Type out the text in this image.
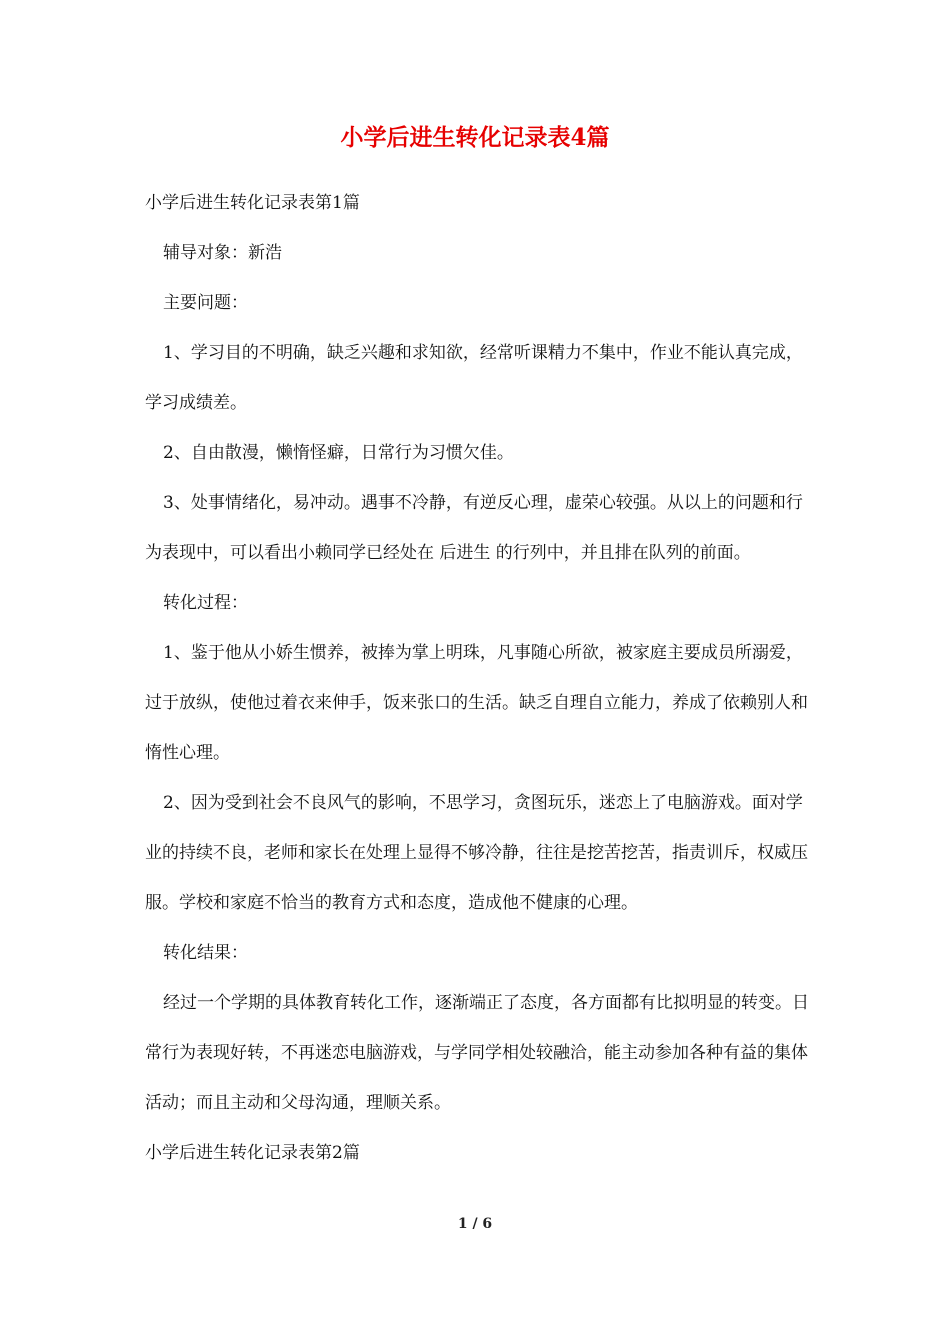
小学后进生转化记录表4篇

小学后进生转化记录表第1篇

辅导对象：新浩

主要问题：

1、学习目的不明确，缺乏兴趣和求知欲，经常听课精力不集中，作业不能认真完成，学习成绩差。

2、自由散漫，懒惰怪癖，日常行为习惯欠佳。

3、处事情绪化，易冲动。遇事不冷静，有逆反心理，虚荣心较强。从以上的问题和行为表现中，可以看出小赖同学已经处在 后进生 的行列中，并且排在队列的前面。

转化过程：

1、鉴于他从小娇生惯养，被捧为掌上明珠，凡事随心所欲，被家庭主要成员所溺爱，过于放纵，使他过着衣来伸手，饭来张口的生活。缺乏自理自立能力，养成了依赖别人和惰性心理。

2、因为受到社会不良风气的影响，不思学习，贪图玩乐，迷恋上了电脑游戏。面对学业的持续不良，老师和家长在处理上显得不够冷静，往往是挖苦挖苦，指责训斥，权威压服。学校和家庭不恰当的教育方式和态度，造成他不健康的心理。

转化结果：

经过一个学期的具体教育转化工作，逐渐端正了态度，各方面都有比拟明显的转变。日常行为表现好转，不再迷恋电脑游戏，与学同学相处较融洽，能主动参加各种有益的集体活动；而且主动和父母沟通，理顺关系。

小学后进生转化记录表第2篇

1 / 6
